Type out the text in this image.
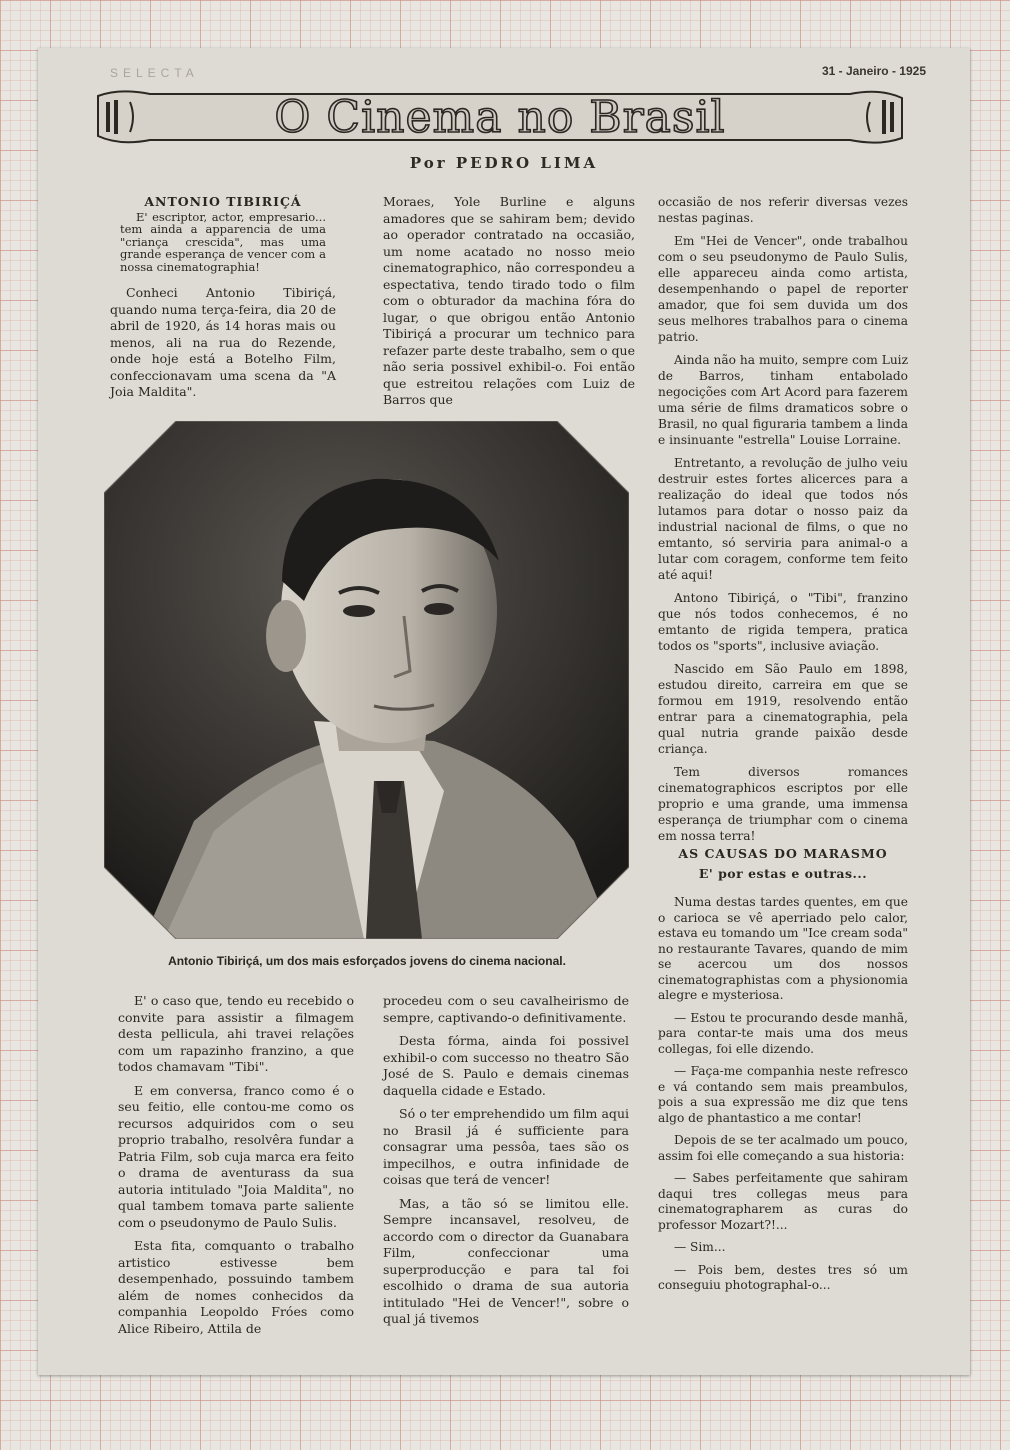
SELECTA	31 - Janeiro - 1925
O Cinema no Brasil
Por PEDRO LIMA
ANTONIO TIBIRIÇÁ

E' escriptor, actor, empresario... tem ainda a apparencia de uma "criança crescida", mas uma grande esperança de vencer com a nossa cinematographia!

Conheci Antonio Tibiriçá, quando numa terça-feira, dia 20 de abril de 1920, ás 14 horas mais ou menos, ali na rua do Rezende, onde hoje está a Botelho Film, confeccionavam uma scena da "A Joia Maldita".

Moraes, Yole Burline e alguns amadores que se sahiram bem; devido ao operador contratado na occasião, um nome acatado no nosso meio cinematographico, não correspondeu a espectativa, tendo tirado todo o film com o obturador da machina fóra do lugar, o que obrigou então Antonio Tibiriçá a procurar um technico para refazer parte deste trabalho, sem o que não seria possivel exhibil-o. Foi então que estreitou relações com Luiz de Barros que

Antonio Tibiriçá, um dos mais esforçados jovens do cinema nacional.

E' o caso que, tendo eu recebido o convite para assistir a filmagem desta pellicula, ahi travei relações com um rapazinho franzino, a que todos chamavam "Tibi".

E em conversa, franco como é o seu feitio, elle contou-me como os recursos adquiridos com o seu proprio trabalho, resolvêra fundar a Patria Film, sob cuja marca era feito o drama de aventurass da sua autoria intitulado "Joia Maldita", no qual tambem tomava parte saliente com o pseudonymo de Paulo Sulis.

Esta fita, comquanto o trabalho artistico estivesse bem desempenhado, possuindo tambem além de nomes conhecidos da companhia Leopoldo Fróes como Alice Ribeiro, Attila de

procedeu com o seu cavalheirismo de sempre, captivando-o definitivamente.

Desta fórma, ainda foi possivel exhibil-o com successo no theatro São José de S. Paulo e demais cinemas daquella cidade e Estado.

Só o ter emprehendido um film aqui no Brasil já é sufficiente para consagrar uma pessôa, taes são os impecilhos, e outra infinidade de coisas que terá de vencer!

Mas, a tão só se limitou elle. Sempre incansavel, resolveu, de accordo com o director da Guanabara Film, confeccionar uma superproducção e para tal foi escolhido o drama de sua autoria intitulado "Hei de Vencer!", sobre o qual já tivemos

occasião de nos referir diversas vezes nestas paginas.

Em "Hei de Vencer", onde trabalhou com o seu pseudonymo de Paulo Sulis, elle appareceu ainda como artista, desempenhando o papel de reporter amador, que foi sem duvida um dos seus melhores trabalhos para o cinema patrio.

Ainda não ha muito, sempre com Luiz de Barros, tinham entabolado negocições com Art Acord para fazerem uma série de films dramaticos sobre o Brasil, no qual figuraria tambem a linda e insinuante "estrella" Louise Lorraine.

Entretanto, a revolução de julho veiu destruir estes fortes alicerces para a realização do ideal que todos nós lutamos para dotar o nosso paiz da industrial nacional de films, o que no emtanto, só serviria para animal-o a lutar com coragem, conforme tem feito até aqui!

Antono Tibiriçá, o "Tibi", franzino que nós todos conhecemos, é no emtanto de rigida tempera, pratica todos os "sports", inclusive aviação.

Nascido em São Paulo em 1898, estudou direito, carreira em que se formou em 1919, resolvendo então entrar para a cinematographia, pela qual nutria grande paixão desde criança.

Tem diversos romances cinematographicos escriptos por elle proprio e uma grande, uma immensa esperança de triumphar com o cinema em nossa terra!

AS CAUSAS DO MARASMO
E' por estas e outras...

Numa destas tardes quentes, em que o carioca se vê aperriado pelo calor, estava eu tomando um "Ice cream soda" no restaurante Tavares, quando de mim se acercou um dos nossos cinematographistas com a physionomia alegre e mysteriosa.

— Estou te procurando desde manhã, para contar-te mais uma dos meus collegas, foi elle dizendo.

— Faça-me companhia neste refresco e vá contando sem mais preambulos, pois a sua expressão me diz que tens algo de phantastico a me contar!

Depois de se ter acalmado um pouco, assim foi elle começando a sua historia:

— Sabes perfeitamente que sahiram daqui tres collegas meus para cinematographarem as curas do professor Mozart?!...

— Sim...

— Pois bem, destes tres só um conseguiu photographal-o...
